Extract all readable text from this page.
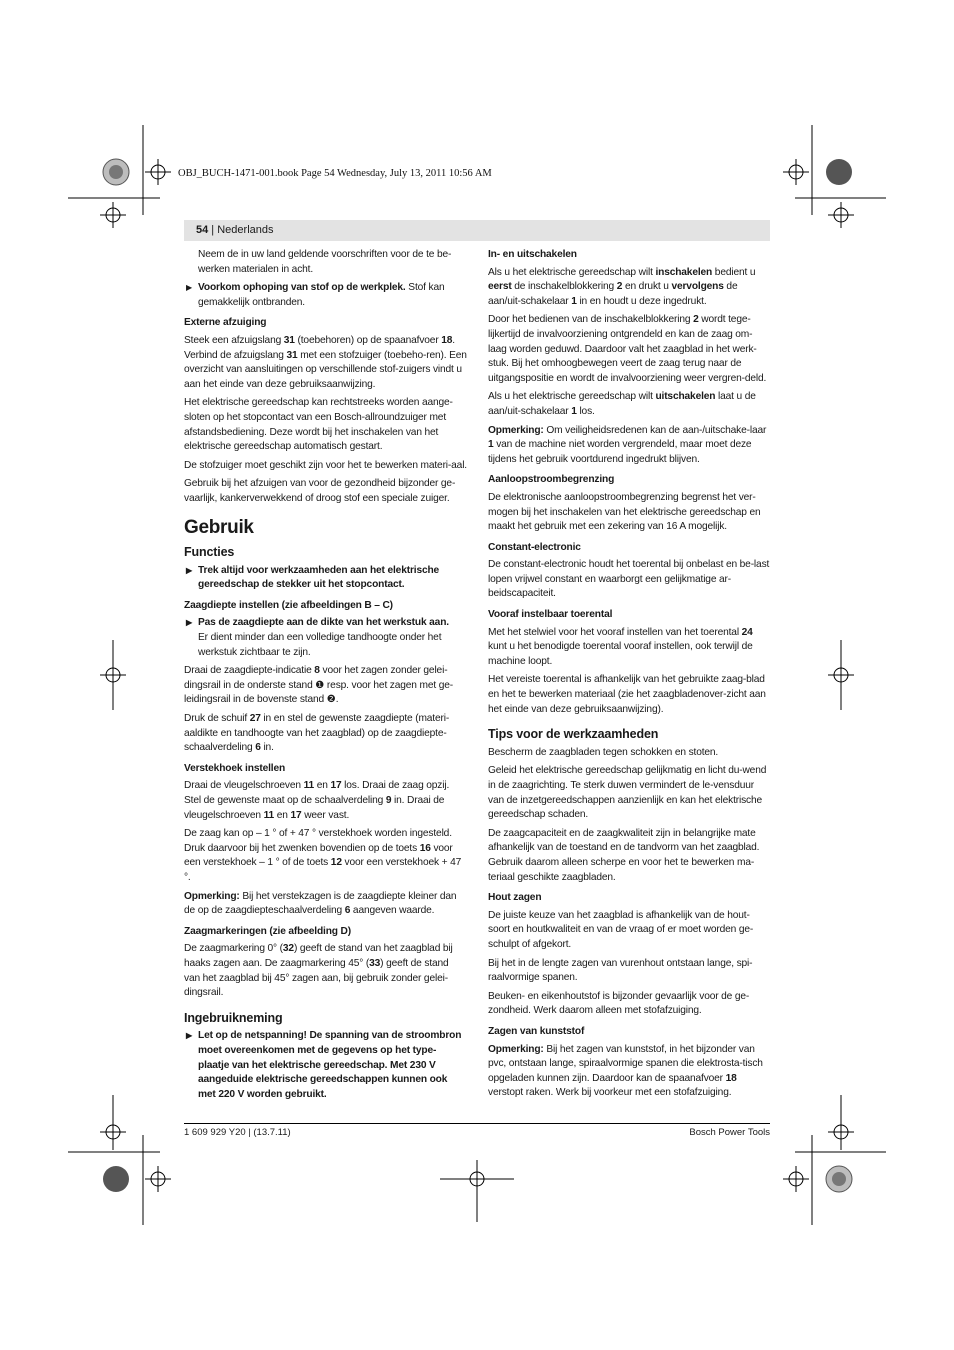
OBJ_BUCH-1471-001.book Page 54 Wednesday, July 13, 2011 10:56 AM
54 | Nederlands

Neem de in uw land geldende voorschriften voor de te be-werken materialen in acht.

▶ Voorkom ophoping van stof op de werkplek. Stof kan gemakkelijk ontbranden.
Externe afzuiging

Steek een afzuigslang 31 (toebehoren) op de spaanafvoer 18. Verbind de afzuigslang 31 met een stofzuiger (toebeho-ren). Een overzicht van aansluitingen op verschillende stof-zuigers vindt u aan het einde van deze gebruiksaanwijzing.

Het elektrische gereedschap kan rechtstreeks worden aange-sloten op het stopcontact van een Bosch-allroundzuiger met afstandsbediening. Deze wordt bij het inschakelen van het elektrische gereedschap automatisch gestart.

De stofzuiger moet geschikt zijn voor het te bewerken materi-aal.

Gebruik bij het afzuigen van voor de gezondheid bijzonder ge-vaarlijk, kankerverwekkend of droog stof een speciale zuiger.

Gebruik
Functies
▶ Trek altijd voor werkzaamheden aan het elektrische gereedschap de stekker uit het stopcontact.
Zaagdiepte instellen (zie afbeeldingen B – C)
▶ Pas de zaagdiepte aan de dikte van het werkstuk aan.

Er dient minder dan een volledige tandhoogte onder het werkstuk zichtbaar te zijn.

Draai de zaagdiepte-indicatie 8 voor het zagen zonder gelei-dingsrail in de onderste stand ❶ resp. voor het zagen met ge-leidingsrail in de bovenste stand ❷.

Druk de schuif 27 in en stel de gewenste zaagdiepte (materi-aaldikte en tandhoogte van het zaagblad) op de zaagdiepte-schaalverdeling 6 in.

Verstekhoek instellen

Draai de vleugelschroeven 11 en 17 los. Draai de zaag opzij. Stel de gewenste maat op de schaalverdeling 9 in. Draai de vleugelschroeven 11 en 17 weer vast.

De zaag kan op – 1 ° of + 47 ° verstekhoek worden ingesteld. Druk daarvoor bij het zwenken bovendien op de toets 16 voor een verstekhoek – 1 ° of de toets 12 voor een verstekhoek + 47 °.

Opmerking: Bij het verstekzagen is de zaagdiepte kleiner dan de op de zaagdiepteschaalverdeling 6 aangeven waarde.

Zaagmarkeringen (zie afbeelding D)

De zaagmarkering 0° (32) geeft de stand van het zaagblad bij haaks zagen aan. De zaagmarkering 45° (33) geeft de stand van het zaagblad bij 45° zagen aan, bij gebruik zonder gelei-dingsrail.

Ingebruikneming
▶ Let op de netspanning! De spanning van de stroombron moet overeenkomen met de gegevens op het type-plaatje van het elektrische gereedschap. Met 230 V aangeduide elektrische gereedschappen kunnen ook met 220 V worden gebruikt.
In- en uitschakelen

Als u het elektrische gereedschap wilt inschakelen bedient u eerst de inschakelblokkering 2 en drukt u vervolgens de aan/uit-schakelaar 1 in en houdt u deze ingedrukt.

Door het bedienen van de inschakelblokkering 2 wordt tege-lijkertijd de invalvoorziening ontgrendeld en kan de zaag om-laag worden geduwd. Daardoor valt het zaagblad in het werk-stuk. Bij het omhoogbewegen veert de zaag terug naar de uitgangspositie en wordt de invalvoorziening weer vergren-deld.

Als u het elektrische gereedschap wilt uitschakelen laat u de aan/uit-schakelaar 1 los.

Opmerking: Om veiligheidsredenen kan de aan-/uitschake-laar 1 van de machine niet worden vergrendeld, maar moet deze tijdens het gebruik voortdurend ingedrukt blijven.

Aanloopstroombegrenzing

De elektronische aanloopstroombegrenzing begrenst het ver-mogen bij het inschakelen van het elektrische gereedschap en maakt het gebruik met een zekering van 16 A mogelijk.

Constant-electronic

De constant-electronic houdt het toerental bij onbelast en be-last lopen vrijwel constant en waarborgt een gelijkmatige ar-beidscapaciteit.

Vooraf instelbaar toerental

Met het stelwiel voor het vooraf instellen van het toerental 24 kunt u het benodigde toerental vooraf instellen, ook terwijl de machine loopt.

Het vereiste toerental is afhankelijk van het gebruikte zaag-blad en het te bewerken materiaal (zie het zaagbladenover-zicht aan het einde van deze gebruiksaanwijzing).

Tips voor de werkzaamheden

Bescherm de zaagbladen tegen schokken en stoten.

Geleid het elektrische gereedschap gelijkmatig en licht du-wend in de zaagrichting. Te sterk duwen vermindert de le-vensduur van de inzetgereedschappen aanzienlijk en kan het elektrische gereedschap schaden.

De zaagcapaciteit en de zaagkwaliteit zijn in belangrijke mate afhankelijk van de toestand en de tandvorm van het zaagblad. Gebruik daarom alleen scherpe en voor het te bewerken ma-teriaal geschikte zaagbladen.

Hout zagen

De juiste keuze van het zaagblad is afhankelijk van de hout-soort en houtkwaliteit en van de vraag of er moet worden ge-schulpt of afgekort.

Bij het in de lengte zagen van vurenhout ontstaan lange, spi-raalvormige spanen.

Beuken- en eikenhoutstof is bijzonder gevaarlijk voor de ge-zondheid. Werk daarom alleen met stofafzuiging.

Zagen van kunststof

Opmerking: Bij het zagen van kunststof, in het bijzonder van pvc, ontstaan lange, spiraalvormige spanen die elektrosta-tisch opgeladen kunnen zijn. Daardoor kan de spaanafvoer 18 verstopt raken. Werk bij voorkeur met een stofafzuiging.

1 609 929 Y20 | (13.7.11)	Bosch Power Tools
